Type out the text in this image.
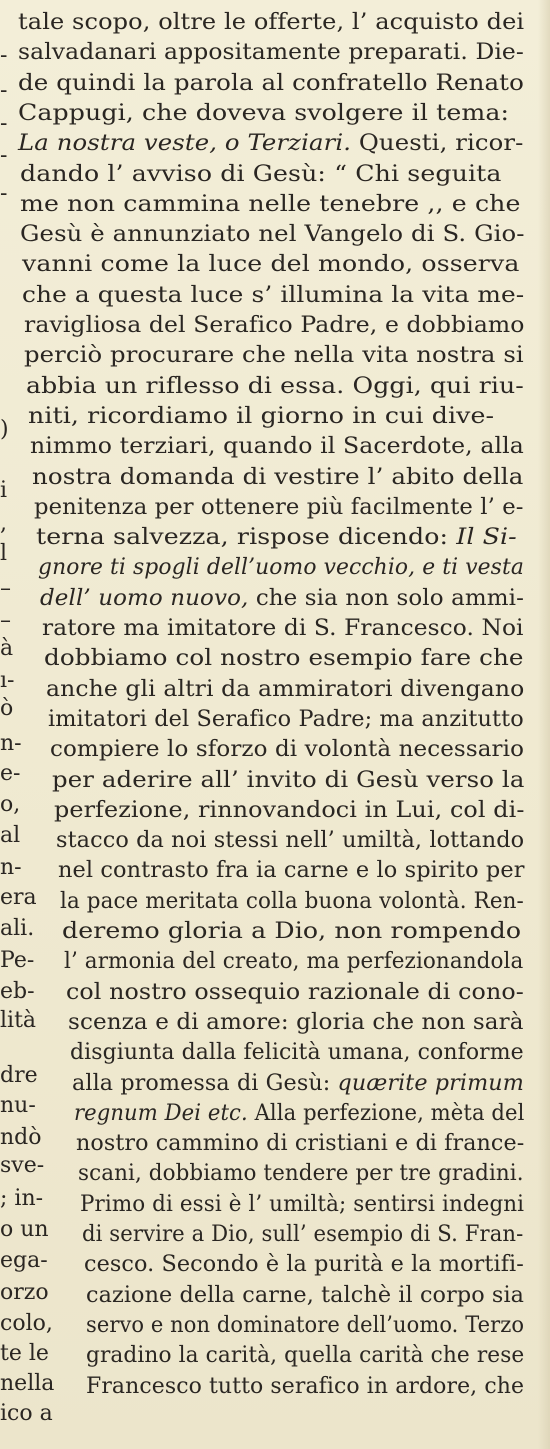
-
-
-
-
-
)
i
,
l
–
–
à
ı-
ò
n-
e-
o,
al
n-
era
ali.
Pe-
eb-
lità
dre
nu-
ndò
sve-
; in-
o un
ega-
orzo
colo,
te le
nella
ico a
tale scopo, oltre le offerte, l’ acquisto dei
salvadanari appositamente preparati. Die-
de quindi la parola al confratello Renato
Cappugi, che doveva svolgere il tema:
La nostra veste, o Terziari. Questi, ricor-
dando l’ avviso di Gesù: “ Chi seguita
me non cammina nelle tenebre ,, e che
Gesù è annunziato nel Vangelo di S. Gio-
vanni come la luce del mondo, osserva
che a questa luce s’ illumina la vita me-
ravigliosa del Serafico Padre, e dobbiamo
perciò procurare che nella vita nostra si
abbia un riflesso di essa. Oggi, qui riu-
niti, ricordiamo il giorno in cui dive-
nimmo terziari, quando il Sacerdote, alla
nostra domanda di vestire l’ abito della
penitenza per ottenere più facilmente l’ e-
terna salvezza, rispose dicendo: Il Si-
gnore ti spogli dell’uomo vecchio, e ti vesta
dell’ uomo nuovo, che sia non solo ammi-
ratore ma imitatore di S. Francesco. Noi
dobbiamo col nostro esempio fare che
anche gli altri da ammiratori divengano
imitatori del Serafico Padre; ma anzitutto
compiere lo sforzo di volontà necessario
per aderire all’ invito di Gesù verso la
perfezione, rinnovandoci in Lui, col di-
stacco da noi stessi nell’ umiltà, lottando
nel contrasto fra ia carne e lo spirito per
la pace meritata colla buona volontà. Ren-
deremo gloria a Dio, non rompendo
l’ armonia del creato, ma perfezionandola
col nostro ossequio razionale di cono-
scenza e di amore: gloria che non sarà
disgiunta dalla felicità umana, conforme
alla promessa di Gesù: quærite primum
regnum Dei etc. Alla perfezione, mèta del
nostro cammino di cristiani e di france-
scani, dobbiamo tendere per tre gradini.
Primo di essi è l’ umiltà; sentirsi indegni
di servire a Dio, sull’ esempio di S. Fran-
cesco. Secondo è la purità e la mortifi-
cazione della carne, talchè il corpo sia
servo e non dominatore dell’uomo. Terzo
gradino la carità, quella carità che rese
Francesco tutto serafico in ardore, che
